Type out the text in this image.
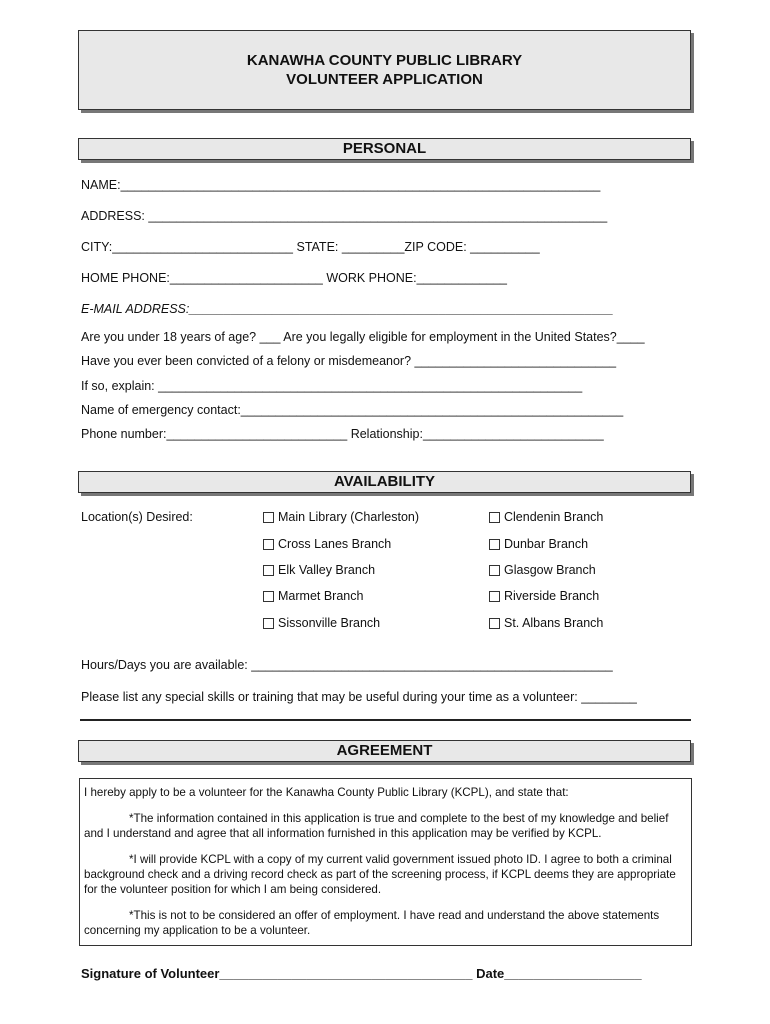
KANAWHA COUNTY PUBLIC LIBRARY
VOLUNTEER APPLICATION
PERSONAL
NAME:_____________________________________________________________________
ADDRESS: __________________________________________________________________
CITY:__________________________ STATE: _________ZIP CODE: __________
HOME PHONE:______________________ WORK PHONE:_____________
E-MAIL ADDRESS:_____________________________________________________________
Are you under 18 years of age? ___ Are you legally eligible for employment in the United States?____
Have you ever been convicted of a felony or misdemeanor? _____________________________
If so, explain: _____________________________________________________________
Name of emergency contact:_______________________________________________________
Phone number:__________________________ Relationship:__________________________
AVAILABILITY
Location(s) Desired:	Main Library (Charleston)
Cross Lanes Branch
Elk Valley Branch
Marmet Branch
Sissonville Branch
Clendenin Branch
Dunbar Branch
Glasgow Branch
Riverside Branch
St. Albans Branch
Hours/Days you are available: ____________________________________________________
Please list any special skills or training that may be useful during your time as a volunteer: ________
AGREEMENT

I hereby apply to be a volunteer for the Kanawha County Public Library (KCPL), and state that:

*The information contained in this application is true and complete to the best of my knowledge and belief and I understand and agree that all information furnished in this application may be verified by KCPL.

*I will provide KCPL with a copy of my current valid government issued photo ID. I agree to both a criminal background check and a driving record check as part of the screening process, if KCPL deems they are appropriate for the volunteer position for which I am being considered.

*This is not to be considered an offer of employment. I have read and understand the above statements concerning my application to be a volunteer.

Signature of Volunteer___________________________________ Date___________________
